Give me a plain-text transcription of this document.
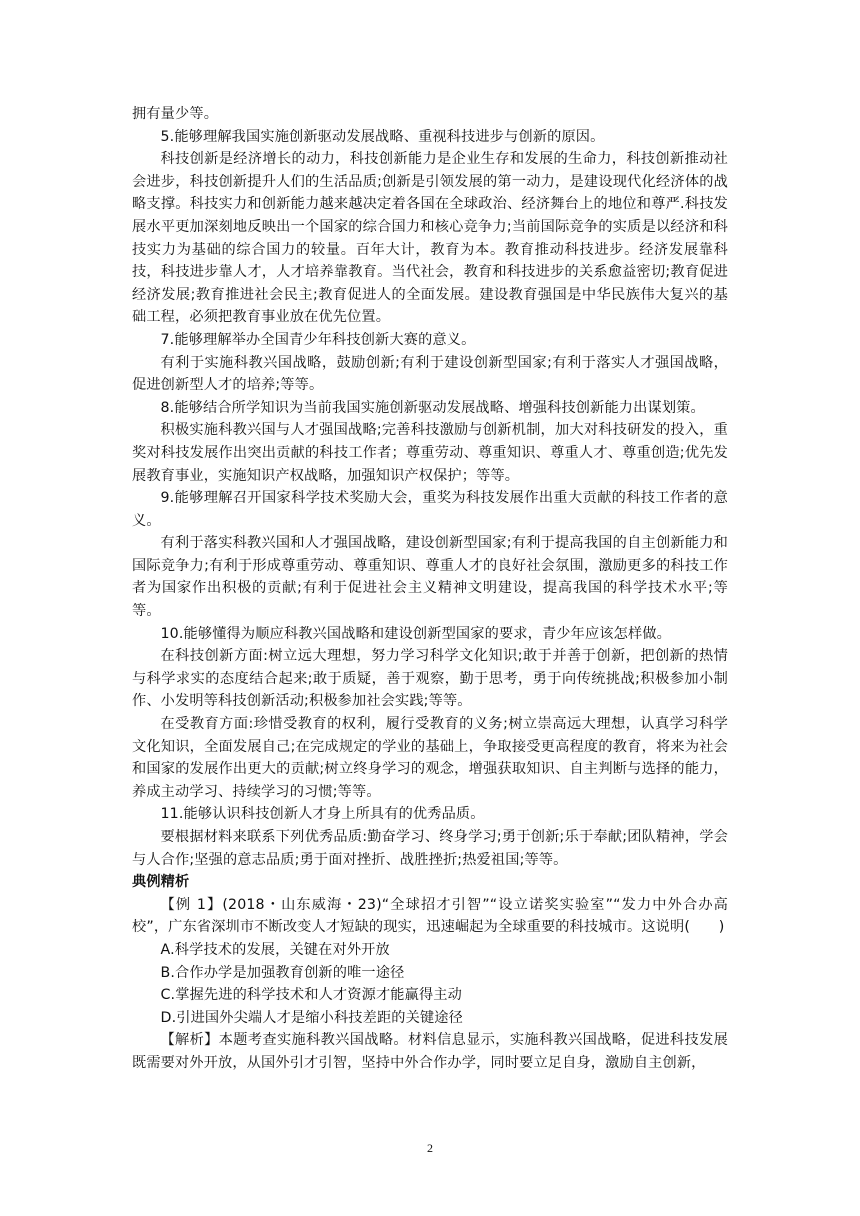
拥有量少等。

5.能够理解我国实施创新驱动发展战略、重视科技进步与创新的原因。

科技创新是经济增长的动力，科技创新能力是企业生存和发展的生命力，科技创新推动社会进步，科技创新提升人们的生活品质;创新是引领发展的第一动力，是建设现代化经济体的战略支撑。科技实力和创新能力越来越决定着各国在全球政治、经济舞台上的地位和尊严.科技发展水平更加深刻地反映出一个国家的综合国力和核心竞争力;当前国际竞争的实质是以经济和科技实力为基础的综合国力的较量。百年大计，教育为本。教育推动科技进步。经济发展靠科技，科技进步靠人才，人才培养靠教育。当代社会，教育和科技进步的关系愈益密切;教育促进经济发展;教育推进社会民主;教育促进人的全面发展。建设教育强国是中华民族伟大复兴的基础工程，必须把教育事业放在优先位置。

7.能够理解举办全国青少年科技创新大赛的意义。

有利于实施科教兴国战略，鼓励创新;有利于建设创新型国家;有利于落实人才强国战略，促进创新型人才的培养;等等。

8.能够结合所学知识为当前我国实施创新驱动发展战略、增强科技创新能力出谋划策。

积极实施科教兴国与人才强国战略;完善科技激励与创新机制，加大对科技研发的投入，重奖对科技发展作出突出贡献的科技工作者；尊重劳动、尊重知识、尊重人才、尊重创造;优先发展教育事业，实施知识产权战略，加强知识产权保护；等等。

9.能够理解召开国家科学技术奖励大会，重奖为科技发展作出重大贡献的科技工作者的意义。

有利于落实科教兴国和人才强国战略，建设创新型国家;有利于提高我国的自主创新能力和国际竞争力;有利于形成尊重劳动、尊重知识、尊重人才的良好社会氛围，激励更多的科技工作者为国家作出积极的贡献;有利于促进社会主义精神文明建设，提高我国的科学技术水平;等等。

10.能够懂得为顺应科教兴国战略和建设创新型国家的要求，青少年应该怎样做。

在科技创新方面:树立远大理想，努力学习科学文化知识;敢于并善于创新，把创新的热情与科学求实的态度结合起来;敢于质疑，善于观察，勤于思考，勇于向传统挑战;积极参加小制作、小发明等科技创新活动;积极参加社会实践;等等。

在受教育方面:珍惜受教育的权利，履行受教育的义务;树立崇高远大理想，认真学习科学文化知识，全面发展自己;在完成规定的学业的基础上，争取接受更高程度的教育，将来为社会和国家的发展作出更大的贡献;树立终身学习的观念，增强获取知识、自主判断与选择的能力，养成主动学习、持续学习的习惯;等等。

11.能够认识科技创新人才身上所具有的优秀品质。

要根据材料来联系下列优秀品质:勤奋学习、终身学习;勇于创新;乐于奉献;团队精神，学会与人合作;坚强的意志品质;勇于面对挫折、战胜挫折;热爱祖国;等等。

典例精析

【例 1】(2018・山东威海・23)“全球招才引智”“设立诺奖实验室”“发力中外合办高校”，广东省深圳市不断改变人才短缺的现实，迅速崛起为全球重要的科技城市。这说明(　　)

A.科学技术的发展，关键在对外开放

B.合作办学是加强教育创新的唯一途径

C.掌握先进的科学技术和人才资源才能赢得主动

D.引进国外尖端人才是缩小科技差距的关键途径

【解析】本题考查实施科教兴国战略。材料信息显示，实施科教兴国战略，促进科技发展既需要对外开放，从国外引才引智，坚持中外合作办学，同时要立足自身，激励自主创新，

2
